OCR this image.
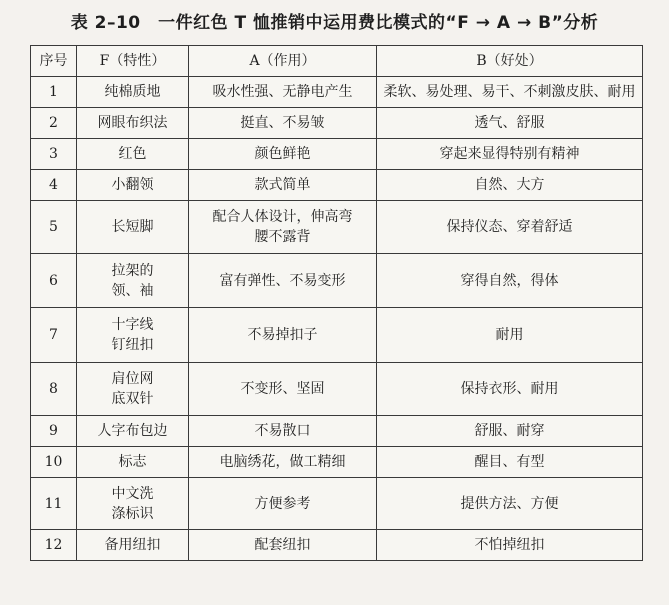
表 2–10　一件红色 T 恤推销中运用费比模式的“F → A → B”分析
序号	F（特性）	A（作用）	B（好处）
1	纯棉质地	吸水性强、无静电产生	柔软、易处理、易干、不刺激皮肤、耐用
2	网眼布织法	挺直、不易皱	透气、舒服
3	红色	颜色鲜艳	穿起来显得特别有精神
4	小翻领	款式简单	自然、大方
5	长短脚	配合人体设计，伸高弯
腰不露背	保持仪态、穿着舒适
6	拉架的
领、袖	富有弹性、不易变形	穿得自然，得体
7	十字线
钉纽扣	不易掉扣子	耐用
8	肩位网
底双针	不变形、坚固	保持衣形、耐用
9	人字布包边	不易散口	舒服、耐穿
10	标志	电脑绣花，做工精细	醒目、有型
11	中文洗
涤标识	方便参考	提供方法、方便
12	备用纽扣	配套纽扣	不怕掉纽扣
